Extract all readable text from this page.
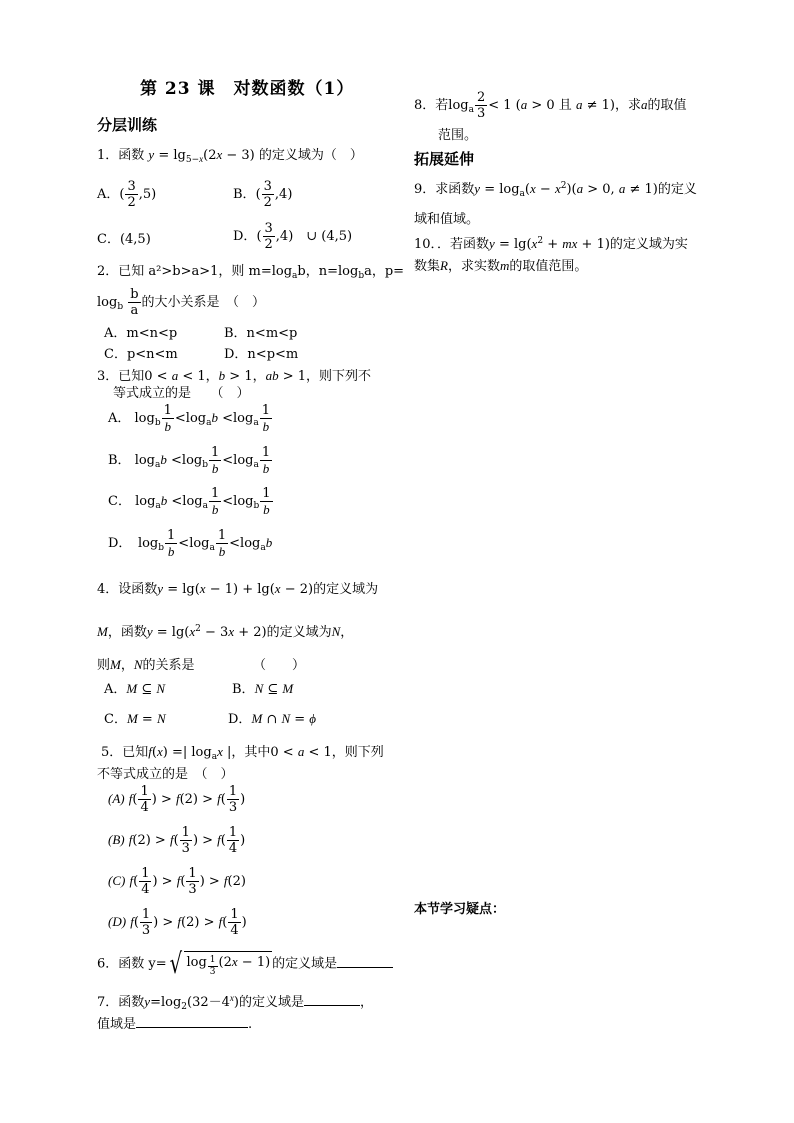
第 23 课　对数函数（1）
分层训练
1．函数 $y = \lg_{5-x}(2x - 3)$ 的定义域为（　）
A．( $\frac{3}{2} ,5$)	B．( $\frac{3}{2} ,4$)
C．(4,5)	D．( $\frac{3}{2} ,4$)　∪ (4,5)
2．已知 a²>b>a>1，则 $m=\log_ab$，$n=\log_ba$，p=
$\log_b \frac{b}{a}$ 的大小关系是　（　）
A．m<n<p	B．n<m<p
C．p<n<m	D．n<p<m
3．已知0 < a < 1，b > 1，ab > 1，则下列不
等式成立的是　　（　）
A． $\log_b \frac{1}{b} <\log_ab <\log_a \frac{1}{b}$
B． $\log_ab <\log_b \frac{1}{b} <\log_a \frac{1}{b}$
C． $\log_ab <\log_a \frac{1}{b} <\log_b \frac{1}{b}$
D．　$\log_b \frac{1}{b} <\log_a \frac{1}{b} <\log_ab$
4．设函数y = lg(x − 1) + lg(x − 2)的定义域为
M，函数$y = \lg(x^2 - 3x + 2)$的定义域为N，
则M，N的关系是　　　　　（　　）
A．M ⊆ N	B．N ⊆ M
C．M = N	D．M ∩ N = ϕ
5．已知f(x) =| $\log_ax$ |，其中0 < a < 1，则下列
不等式成立的是　（　）
(A) $f( \frac{1}{4}$ ) > $f(2) > f( \frac{1}{3}$ )
(B) $f(2) > f( \frac{1}{3}$ ) > $f( \frac{1}{4}$ )
(C) $f( \frac{1}{4}$ ) > $f( \frac{1}{3}$ ) > f(2)
(D) $f( \frac{1}{3}$ ) > $f(2) > f( \frac{1}{4}$ )
6．函数 y=√ log $_{\frac{1}{3}}$ (2x − 1) 的定义域是
7．函数$y=\log_2(32-4^x)$的定义域是	，
值域是	.
8．若$\log_a \frac{2}{3} < 1$ (a > 0 且 a ≠ 1)，求a的取值
范围。
拓展延伸
9．求函数$y = \log_a(x - x^2)(a > 0$, a ≠ 1)的定义
域和值域。
10．．若函数$y = \lg(x^2$ + mx + 1)的定义域为实
数集R，求实数m的取值范围。
本节学习疑点：
